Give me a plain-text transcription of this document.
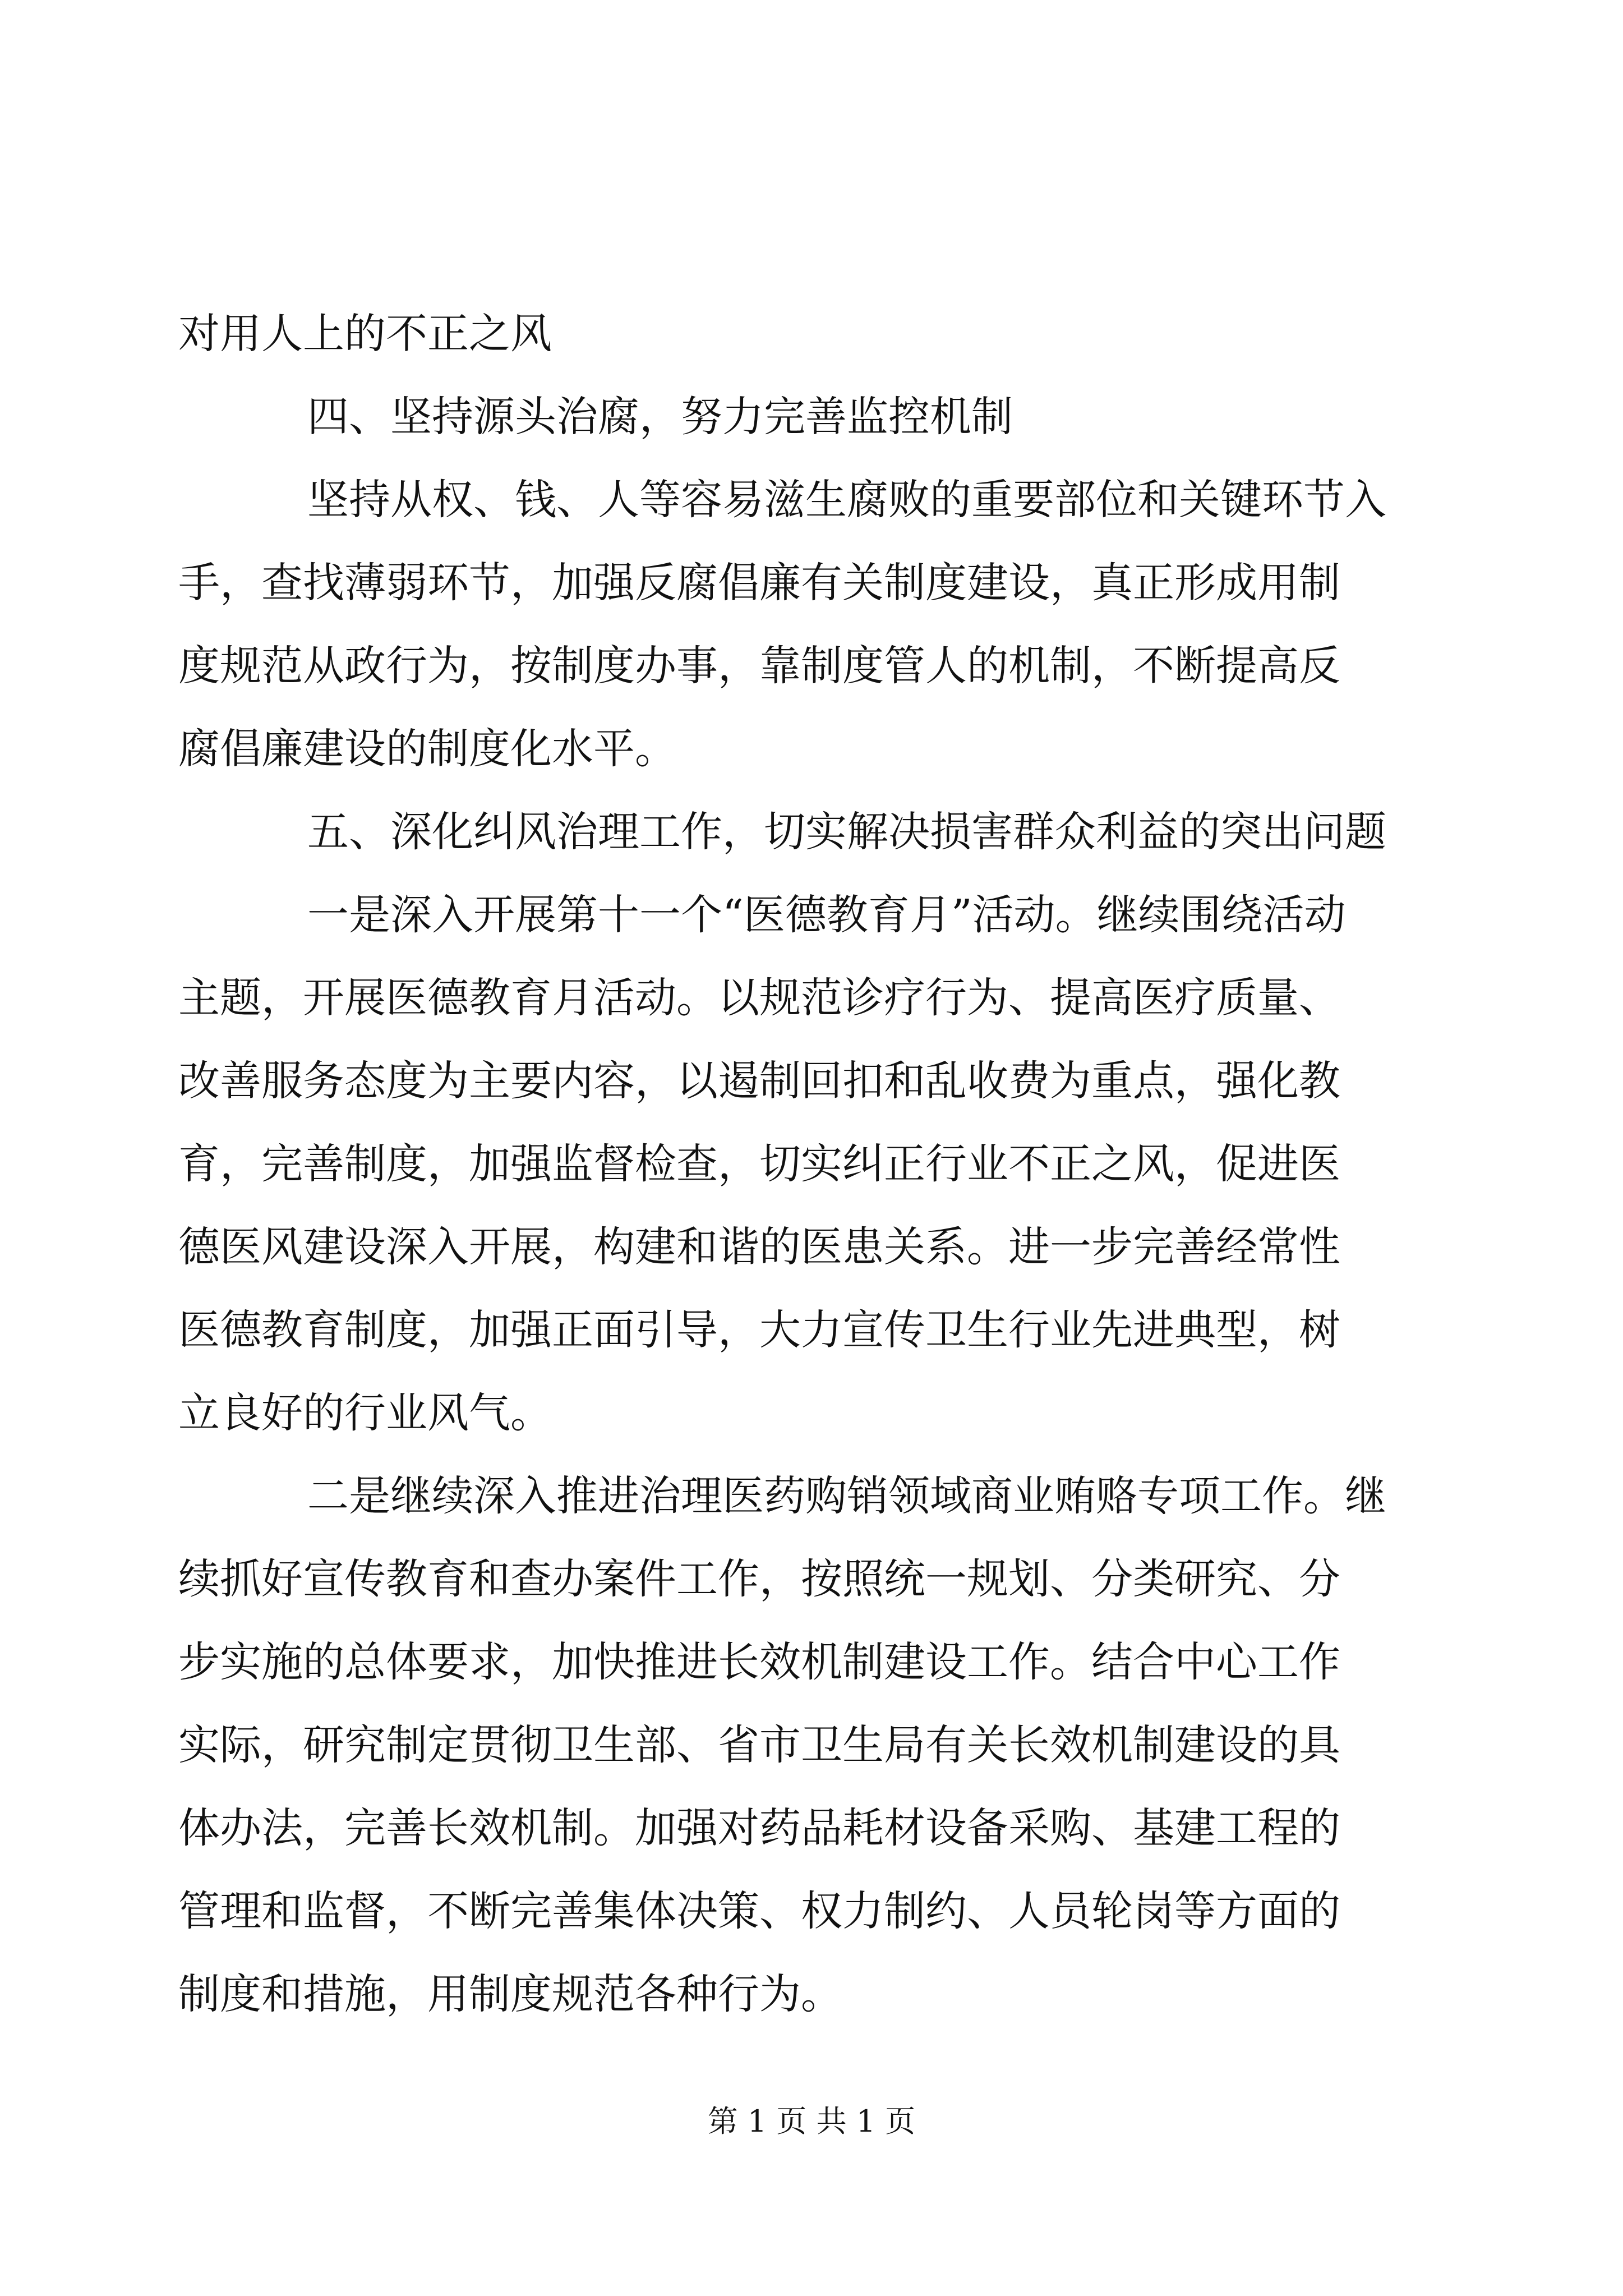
对用人上的不正之风
四、坚持源头治腐，努力完善监控机制
坚持从权、钱、人等容易滋生腐败的重要部位和关键环节入
手，查找薄弱环节，加强反腐倡廉有关制度建设，真正形成用制
度规范从政行为，按制度办事，靠制度管人的机制，不断提高反
腐倡廉建设的制度化水平。
五、深化纠风治理工作，切实解决损害群众利益的突出问题
一是深入开展第十一个“医德教育月”活动。继续围绕活动
主题，开展医德教育月活动。以规范诊疗行为、提高医疗质量、
改善服务态度为主要内容，以遏制回扣和乱收费为重点，强化教
育，完善制度，加强监督检查，切实纠正行业不正之风，促进医
德医风建设深入开展，构建和谐的医患关系。进一步完善经常性
医德教育制度，加强正面引导，大力宣传卫生行业先进典型，树
立良好的行业风气。
二是继续深入推进治理医药购销领域商业贿赂专项工作。继
续抓好宣传教育和查办案件工作，按照统一规划、分类研究、分
步实施的总体要求，加快推进长效机制建设工作。结合中心工作
实际，研究制定贯彻卫生部、省市卫生局有关长效机制建设的具
体办法，完善长效机制。加强对药品耗材设备采购、基建工程的
管理和监督，不断完善集体决策、权力制约、人员轮岗等方面的
制度和措施，用制度规范各种行为。
第 1 页 共 1 页
